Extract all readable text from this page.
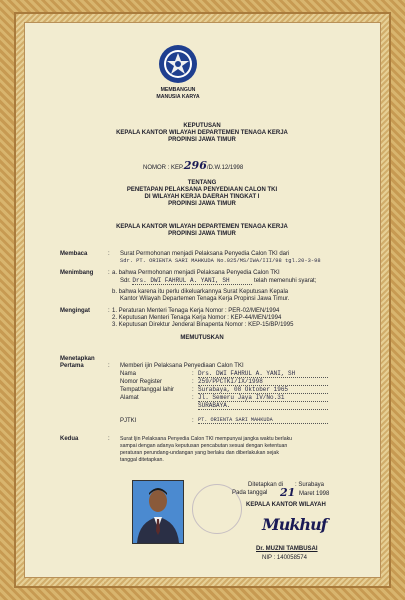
MEMBANGUN
MANUSIA KARYA
KEPUTUSAN
KEPALA KANTOR WILAYAH DEPARTEMEN TENAGA KERJA
PROPINSI JAWA TIMUR
NOMOR : KEP.296/D.W.12/1998
TENTANG
PENETAPAN PELAKSANA PENYEDIAAN CALON TKI
DI WILAYAH KERJA DAERAH TINGKAT I
PROPINSI JAWA TIMUR
KEPALA KANTOR WILAYAH DEPARTEMEN TENAGA KERJA
PROPINSI JAWA TIMUR
Membaca	: Surat Permohonan menjadi Pelaksana Penyedia Calon TKI dari
Sdr. PT. ORIENTA SARI MAHKUDA No.025/MS/IWA/III/98 tgl.20-3-98
Menimbang : a. bahwa Permohonan menjadi Pelaksana Penyedia Calon TKI
Sdr. Drs. DWI FAHRUL A. YANI, SH	telah memenuhi syarat;
b. bahwa karena itu perlu dikeluarkannya Surat Keputusan Kepala
Kantor Wilayah Departemen Tenaga Kerja Propinsi Jawa Timur.
Mengingat	: 1. Peraturan Menteri Tenaga Kerja Nomor : PER-02/MEN/1994
2. Keputusan Menteri Tenaga Kerja Nomor : KEP-44/MEN/1994
3. Keputusan Direktur Jenderal Binapenta Nomor : KEP-15/BP/1995
MEMUTUSKAN
Menetapkan
Pertama	: Memberi ijin Pelaksana Penyediaan Calon TKI
Nama	: Drs. DWI FAHRUL A. YANI, SH
Nomor Register	: 259/PPCTKI/IX/1998
Tempat/tanggal lahir	: Surabaya, 08 Oktober 1965
Alamat	: Jl. Semeru Jaya IV/No.31
SURABAYA.
PJTKI	: PT. ORIENTA SARI MAHKUDA
Kedua	: Surat Ijin Pelaksana Penyedia Calon TKI mempunyai jangka waktu berlaku
sampai dengan adanya keputusan pencabutan sesuai dengan ketentuan
peraturan perundang-undangan yang berlaku dan diberlakukan sejak
tanggal ditetapkan.
Ditetapkan di : Surabaya
Pada tanggal 21 Maret 1998
KEPALA KANTOR WILAYAH
Mukhuf
Dr. MUZNI TAMBUSAI
NIP : 140058574
